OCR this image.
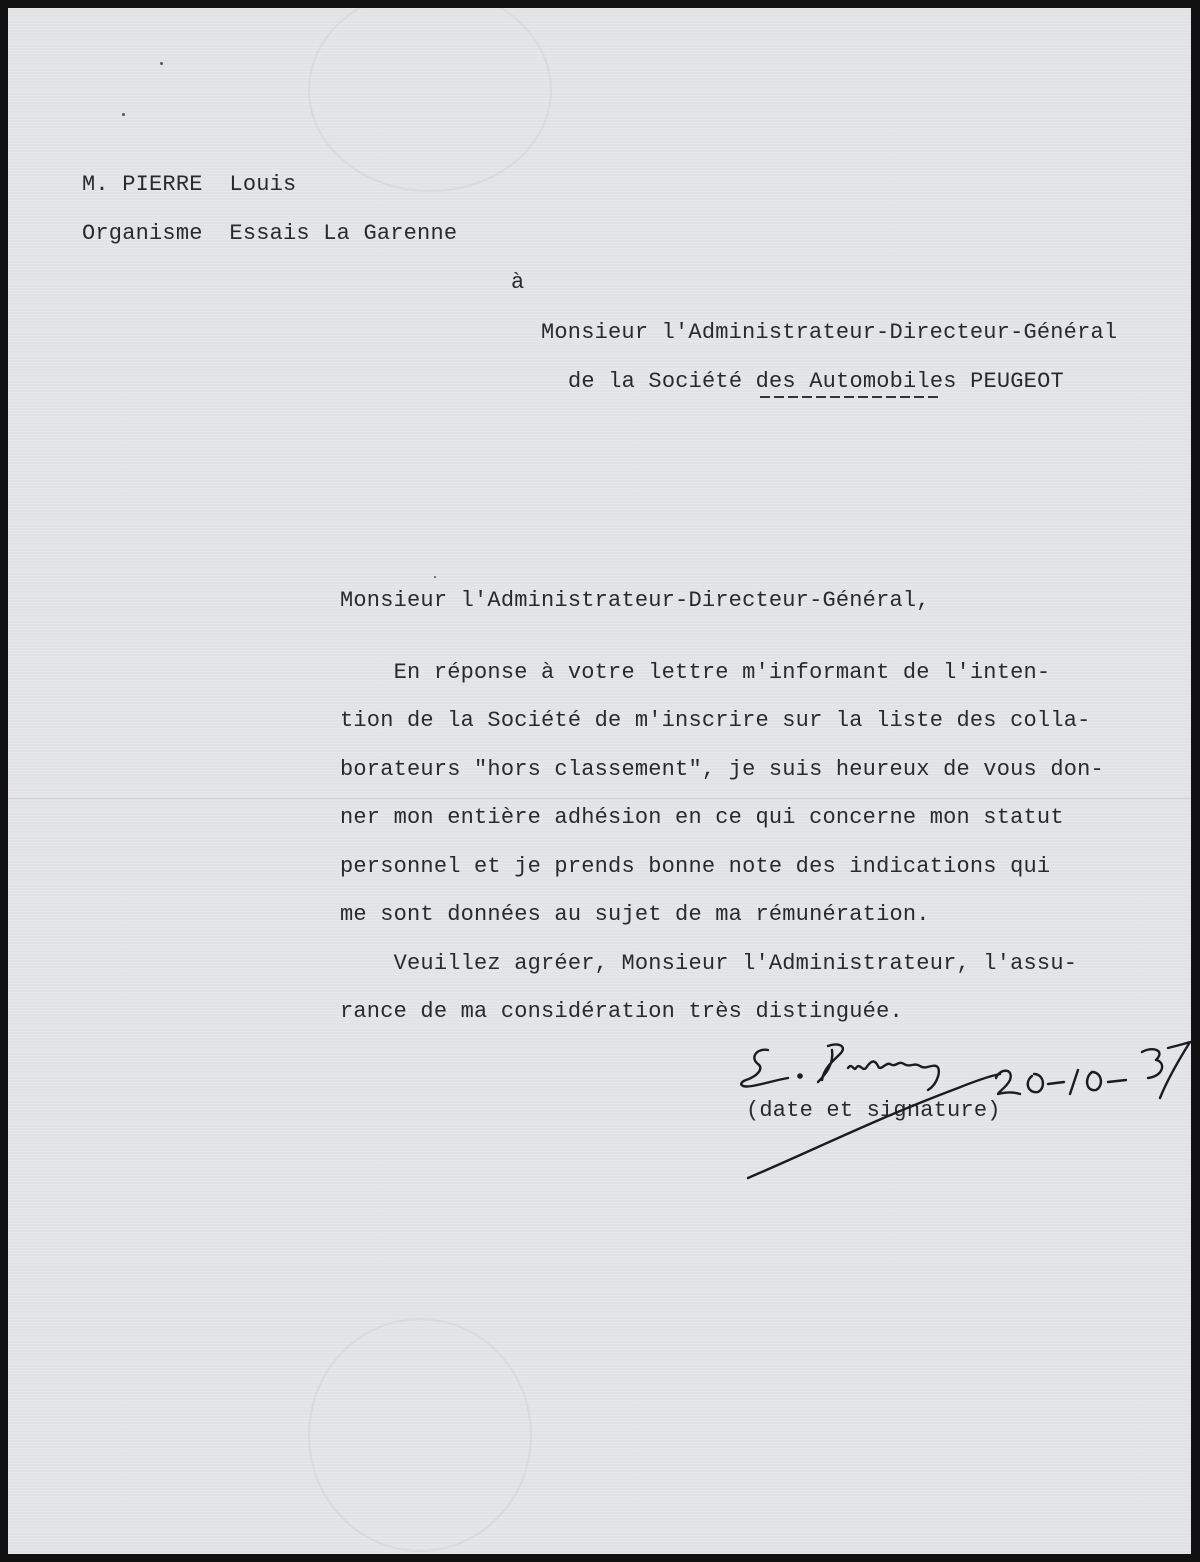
M. PIERRE  Louis

Organisme  Essais La Garenne

à

Monsieur l'Administrateur-Directeur-Général

de la Société des Automobiles PEUGEOT

Monsieur l'Administrateur-Directeur-Général,

En réponse à votre lettre m'informant de l'inten-

tion de la Société de m'inscrire sur la liste des colla-

borateurs "hors classement", je suis heureux de vous don-

ner mon entière adhésion en ce qui concerne mon statut

personnel et je prends bonne note des indications qui

me sont données au sujet de ma rémunération.

Veuillez agréer, Monsieur l'Administrateur, l'assu-

rance de ma considération très distinguée.

(date et signature)
